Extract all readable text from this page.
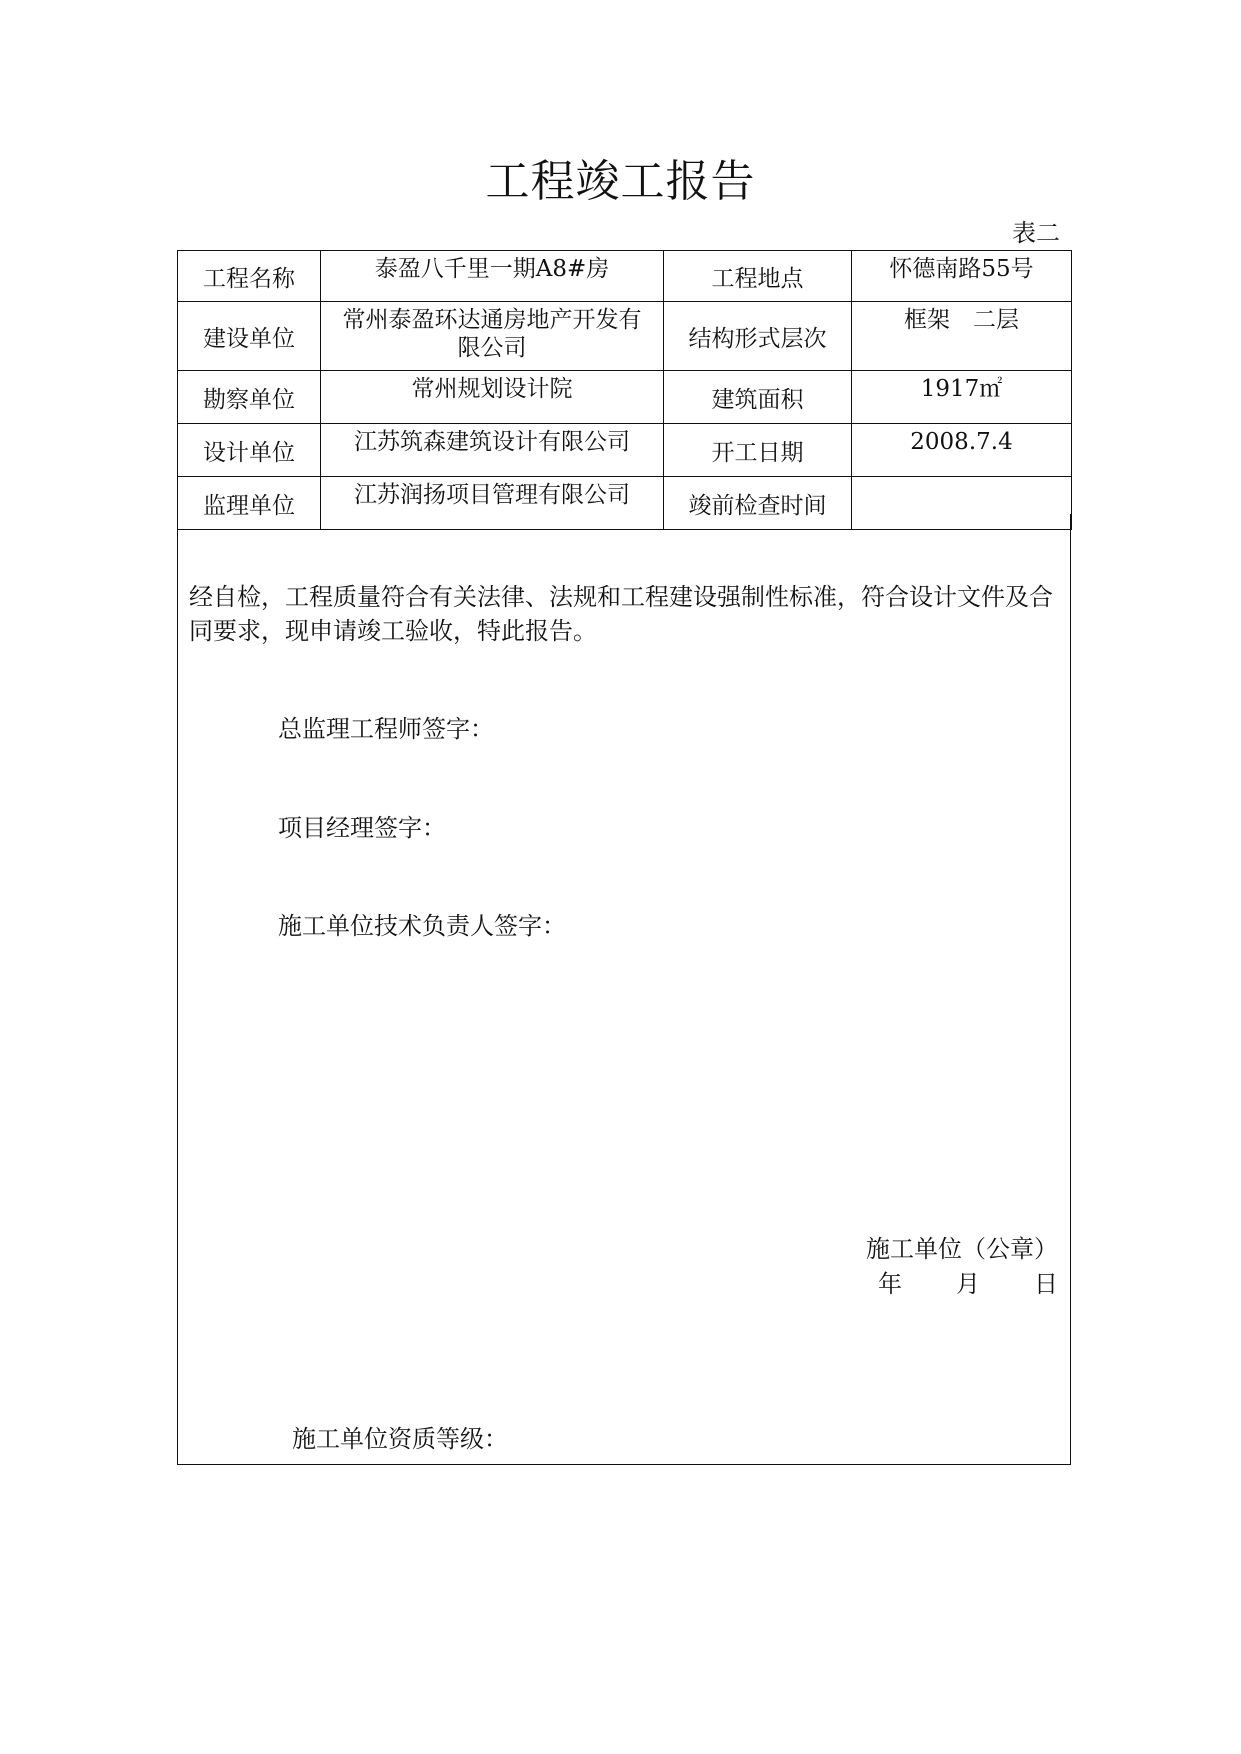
工程竣工报告
表二
工程名称	泰盈八千里一期A8#房	工程地点	怀德南路55号
建设单位	常州泰盈环达通房地产开发有限公司	结构形式层次	框架　二层
勘察单位	常州规划设计院	建筑面积	1917㎡
设计单位	江苏筑森建筑设计有限公司	开工日期	2008.7.4
监理单位	江苏润扬项目管理有限公司	竣前检查时间	
经自检，工程质量符合有关法律、法规和工程建设强制性标准，符合设计文件及合同要求，现申请竣工验收，特此报告。
总监理工程师签字：
项目经理签字：
施工单位技术负责人签字：
施工单位（公章）
年	月	日
施工单位资质等级：
